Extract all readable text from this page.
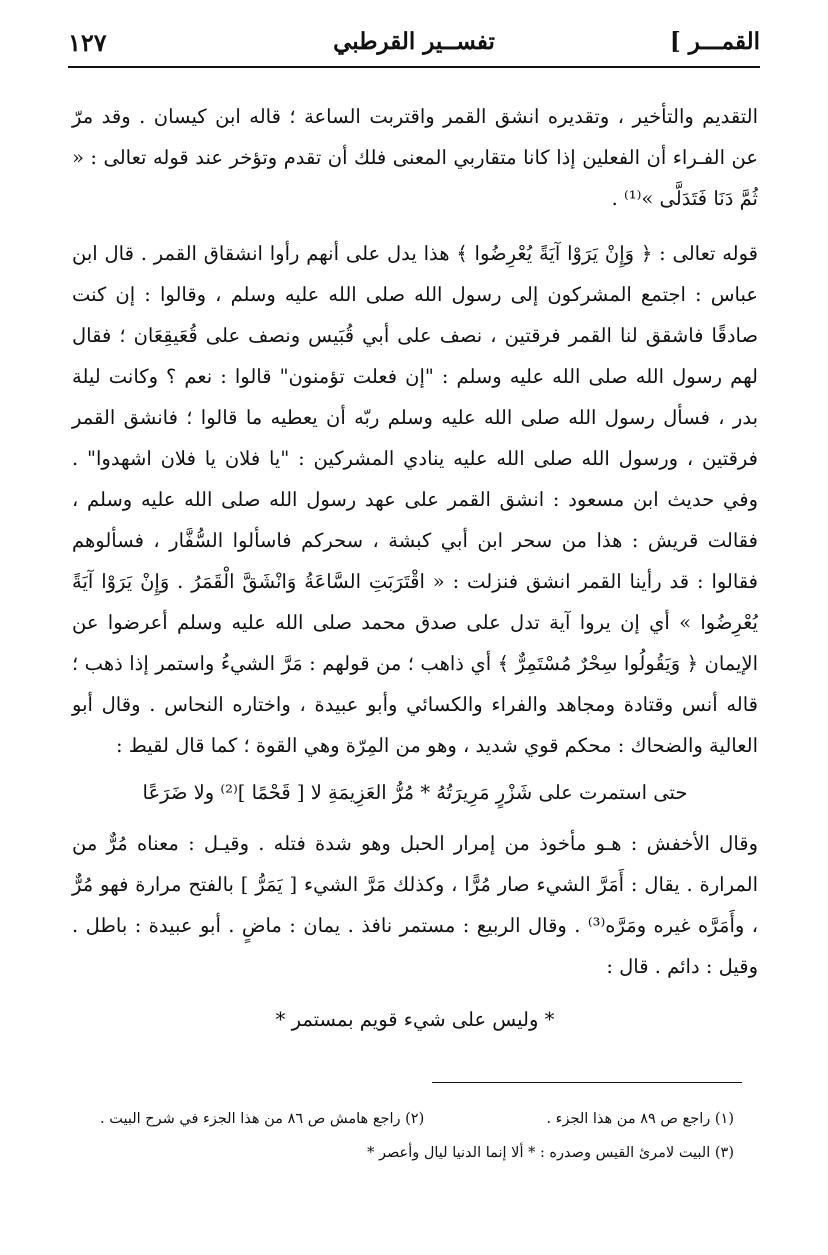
القمـــر ]
تفســير القرطبي
١٢٧

التقديم والتأخير ، وتقديره انشق القمر واقتربت الساعة ؛ قاله ابن كيسان . وقد مرّ عن الفـراء أن الفعلين إذا كانا متقاربي المعنى فلك أن تقدم وتؤخر عند قوله تعالى : « ثُمَّ دَنَا فَتَدَلَّى »⁽¹⁾ .

قوله تعالى : ﴿ وَإِنْ يَرَوْا آيَةً يُعْرِضُوا ﴾ هذا يدل على أنهم رأوا انشقاق القمر . قال ابن عباس : اجتمع المشركون إلى رسول الله صلى الله عليه وسلم ، وقالوا : إن كنت صادقًا فاشقق لنا القمر فرقتين ، نصف على أبي قُبَيس ونصف على قُعَيقِعَان ؛ فقال لهم رسول الله صلى الله عليه وسلم : "إن فعلت تؤمنون" قالوا : نعم ؟ وكانت ليلة بدر ، فسأل رسول الله صلى الله عليه وسلم ربّه أن يعطيه ما قالوا ؛ فانشق القمر فرقتين ، ورسول الله صلى الله عليه ينادي المشركين : "يا فلان يا فلان اشهدوا" . وفي حديث ابن مسعود : انشق القمر على عهد رسول الله صلى الله عليه وسلم ، فقالت قريش : هذا من سحر ابن أبي كبشة ، سحركم فاسألوا السُّفَّار ، فسألوهم فقالوا : قد رأينا القمر انشق فنزلت : « اقْتَرَبَتِ السَّاعَةُ وَانْشَقَّ الْقَمَرُ . وَإِنْ يَرَوْا آيَةً يُعْرِضُوا » أي إن يروا آية تدل على صدق محمد صلى الله عليه وسلم أعرضوا عن الإيمان ﴿ وَيَقُولُوا سِحْرٌ مُسْتَمِرٌّ ﴾ أي ذاهب ؛ من قولهم : مَرَّ الشيءُ واستمر إذا ذهب ؛ قاله أنس وقتادة ومجاهد والفراء والكسائي وأبو عبيدة ، واختاره النحاس . وقال أبو العالية والضحاك : محكم قوي شديد ، وهو من المِرّة وهي القوة ؛ كما قال لقيط :

حتى استمرت على شَزْرٍ مَرِيرَتُهُ * مُرُّ العَزِيمَةِ لا [ قَحْمًا ]⁽²⁾ ولا ضَرَعًا

وقال الأخفش : هـو مأخوذ من إمرار الحبل وهو شدة فتله . وقيـل : معناه مُرٌّ من المرارة . يقال : أَمَرَّ الشيء صار مُرًّا ، وكذلك مَرَّ الشيء [ يَمَرُّ ] بالفتح مرارة فهو مُرٌّ ، وأَمَرَّه غيره ومَرَّه⁽³⁾ . وقال الربيع : مستمر نافذ . يمان : ماضٍ . أبو عبيدة : باطل . وقيل : دائم . قال :

* وليس على شيء قويم بمستمر *
(١) راجع ص ٨٩ من هذا الجزء .
(٢) راجع هامش ص ٨٦ من هذا الجزء في شرح البيت .
(٣) البيت لامرئ القيس وصدره : * ألا إنما الدنيا ليال وأعصر *
